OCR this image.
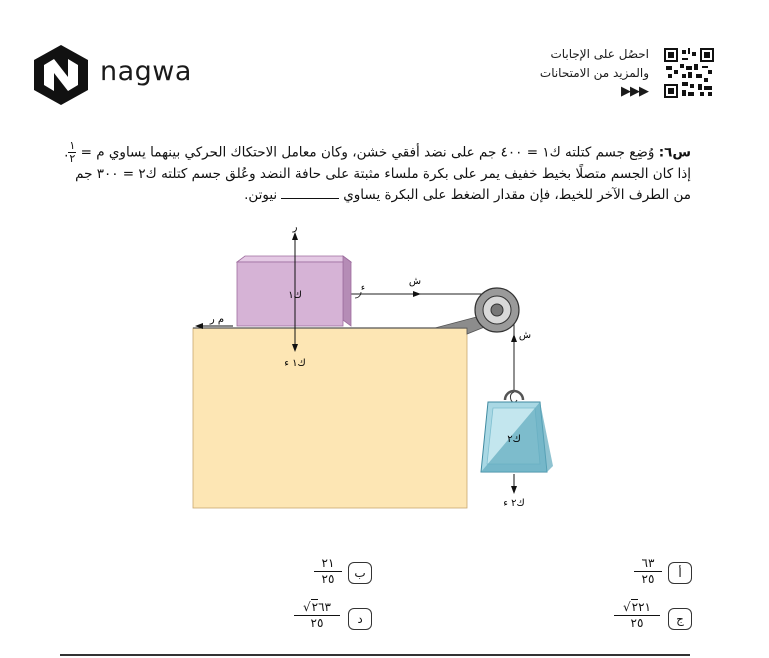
nagwa
احصُل على الإجابات
والمزيد من الامتحانات
▶▶▶
س٦: وُضِع جسم كتلته ك١ = ٤٠٠ جم على نضد أفقي خشن، وكان معامل الاحتكاك الحركي بينهما يساوي م =
$\frac{١}{٢}$
.
إذا كان الجسم متصلًا بخيط خفيف يمر على بكرة ملساء مثبتة على حافة النضد وعُلق جسم كتلته ك٢ = ٣٠٠ جم
من الطرف الآخر للخيط، فإن مقدار الضغط على البكرة يساوينيوتن.
ر
ك١
ك١ ء
م ر
ش
ء
ش
ك٢
ك٢ ء
٦٣
٢٥	أ
٢١
٢٥	ب
√٢٢١
٢٥	ج
√٢٦٣
٢٥	د
